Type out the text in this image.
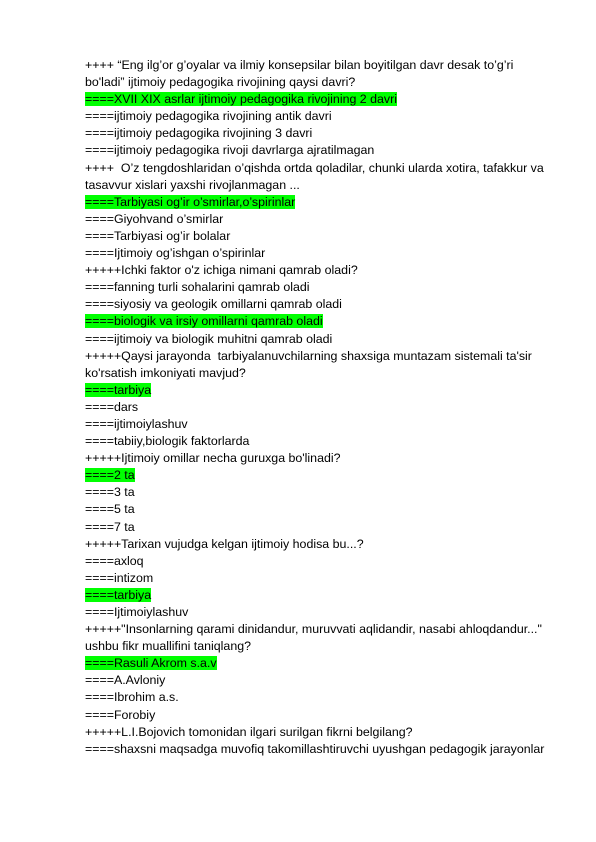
++++ “Eng ilg’or g’oyalar va ilmiy konsepsilar bilan boyitilgan davr desak to’g’ri bo'ladi” ijtimoiy pedagogika rivojining qaysi davri?
====XVII XIX asrlar ijtimoiy pedagogika rivojining 2 davri
====ijtimoiy pedagogika rivojining antik davri
====ijtimoiy pedagogika rivojining 3 davri
====ijtimoiy pedagogika rivoji davrlarga ajratilmagan
++++  O’z tengdoshlaridan o’qishda ortda qoladilar, chunki ularda xotira, tafakkur va tasavvur xislari yaxshi rivojlanmagan ...
====Tarbiyasi og’ir o’smirlar,o’spirinlar
====Giyohvand o’smirlar
====Tarbiyasi og’ir bolalar
====Ijtimoiy og’ishgan o’spirinlar
+++++Ichki faktor o'z ichiga nimani qamrab oladi?
====fanning turli sohalarini qamrab oladi
====siyosiy va geologik omillarni qamrab oladi
====biologik va irsiy omillarni qamrab oladi
====ijtimoiy va biologik muhitni qamrab oladi
+++++Qaysi jarayonda  tarbiyalanuvchilarning shaxsiga muntazam sistemali ta'sir ko'rsatish imkoniyati mavjud?
====tarbiya
====dars
====ijtimoiylashuv
====tabiiy,biologik faktorlarda
+++++Ijtimoiy omillar necha guruxga bo'linadi?
====2 ta
====3 ta
====5 ta
====7 ta
+++++Tarixan vujudga kelgan ijtimoiy hodisa bu...?
====axloq
====intizom
====tarbiya
====Ijtimoiylashuv
+++++"Insonlarning qarami dinidandur, muruvvati aqlidandir, nasabi ahloqdandur..." ushbu fikr muallifini taniqlang?
====Rasuli Akrom s.a.v
====A.Avloniy
====Ibrohim a.s.
====Forobiy
+++++L.I.Bojovich tomonidan ilgari surilgan fikrni belgilang?
====shaxsni maqsadga muvofiq takomillashtiruvchi uyushgan pedagogik jarayonlar
